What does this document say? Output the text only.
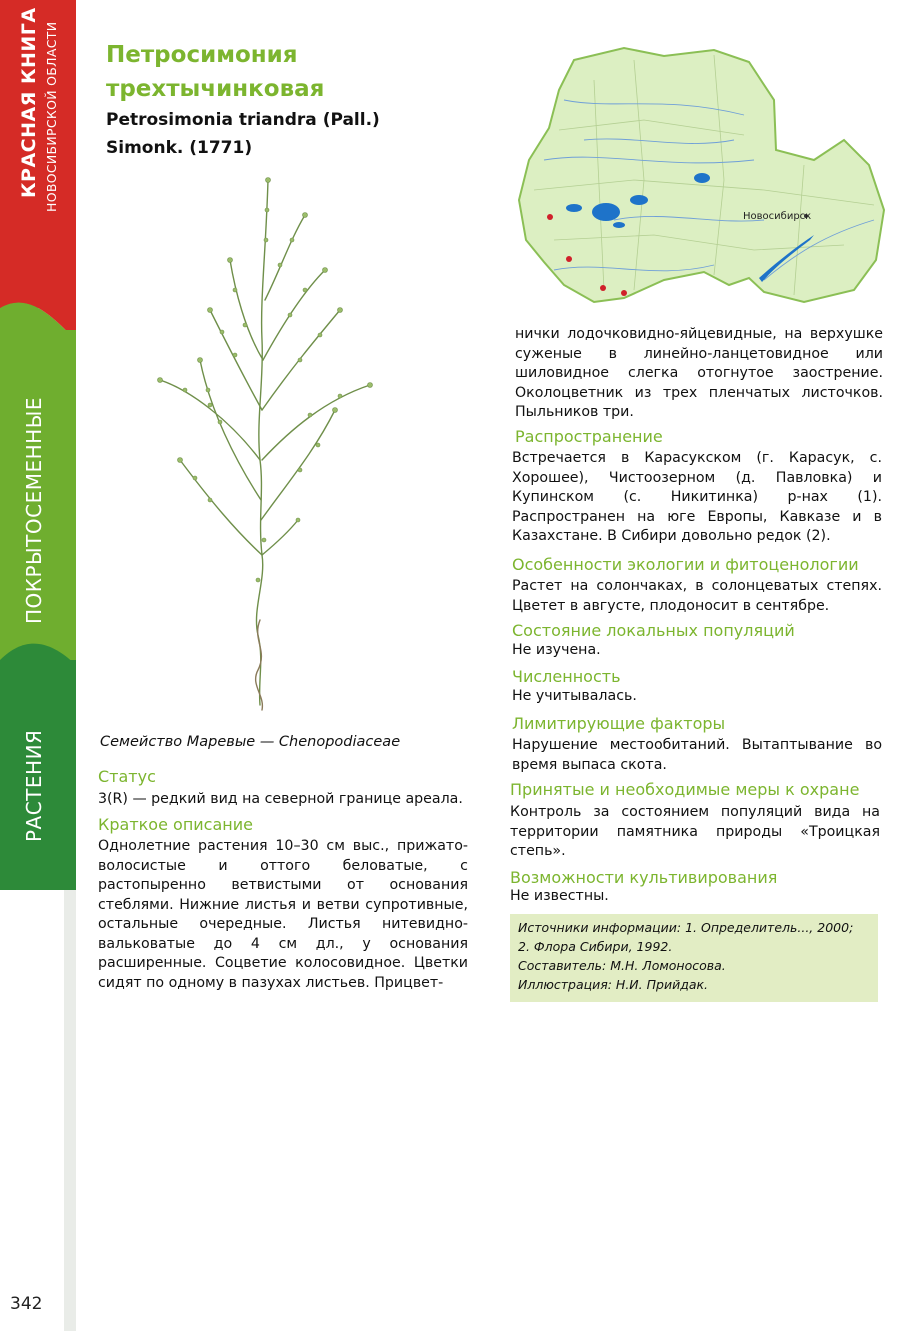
КРАСНАЯ КНИГА НОВОСИБИРСКОЙ ОБЛАСТИ
ПОКРЫТОСЕМЕННЫЕ
РАСТЕНИЯ
342
Петросимония
трехтычинковая
Petrosimonia triandra (Pall.)
Simonk. (1771)
Семейство Маревые — Chenopodiaceae
Новосибирск
Статус
3(R) — редкий вид на северной границе ареала.
Краткое описание
Однолетние растения 10–30 см выс., прижато-волосистые и оттого беловатые, с растопыренно ветвистыми от основания стеблями. Нижние листья и ветви супротивные, остальные очередные. Листья нитевидно-вальковатые до 4 см дл., у основания расширенные. Соцветие колосовидное. Цветки сидят по одному в пазухах листьев. Прицвет-
нички лодочковидно-яйцевидные, на верхушке суженые в линейно-ланцетовидное или шиловидное слегка отогнутое заострение. Околоцветник из трех пленчатых листочков. Пыльников три.
Распространение
Встречается в Карасукском (г. Карасук, с. Хорошее), Чистоозерном (д. Павловка) и Купинском (с. Никитинка) р-нах (1). Распространен на юге Европы, Кавказе и в Казахстане. В Сибири довольно редок (2).
Особенности экологии и фитоценологии
Растет на солончаках, в солонцеватых степях. Цветет в августе, плодоносит в сентябре.
Состояние локальных популяций
Не изучена.
Численность
Не учитывалась.
Лимитирующие факторы
Нарушение местообитаний. Вытаптывание во время выпаса скота.
Принятые и необходимые меры к охране
Контроль за состоянием популяций вида на территории памятника природы «Троицкая степь».
Возможности культивирования
Не известны.
Источники информации: 1. Определитель..., 2000;
2. Флора Сибири, 1992.
Составитель: М.Н. Ломоносова.
Иллюстрация: Н.И. Прийдак.
